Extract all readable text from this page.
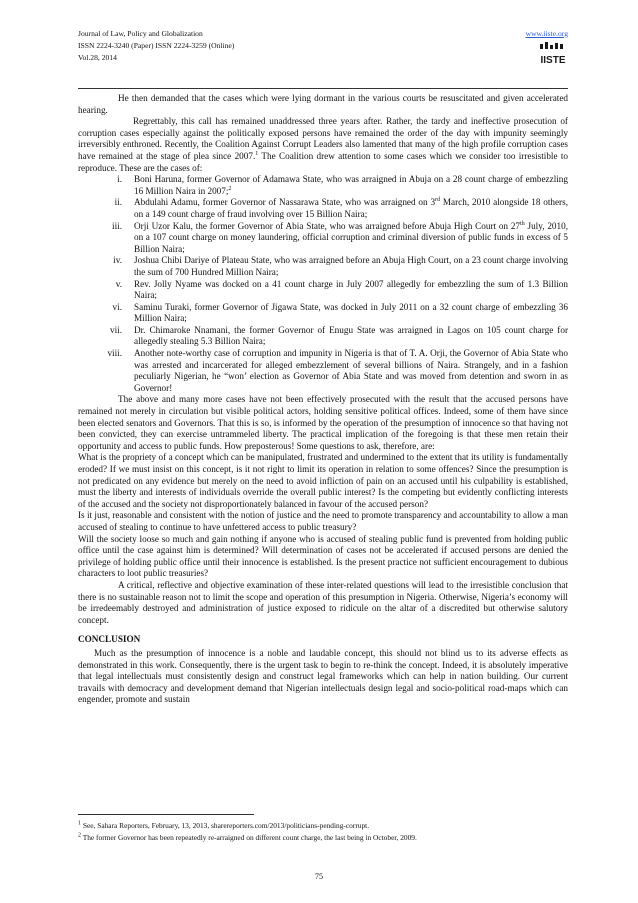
Journal of Law, Policy and Globalization
ISSN 2224-3240 (Paper) ISSN 2224-3259 (Online)
Vol.28, 2014
www.iiste.org
IISTE

He then demanded that the cases which were lying dormant in the various courts be resuscitated and given accelerated hearing.

Regrettably, this call has remained unaddressed three years after. Rather, the tardy and ineffective prosecution of corruption cases especially against the politically exposed persons have remained the order of the day with impunity seemingly irreversibly enthroned. Recently, the Coalition Against Corrupt Leaders also lamented that many of the high profile corruption cases have remained at the stage of plea since 2007.$^1$ The Coalition drew attention to some cases which we consider too irresistible to reproduce. These are the cases of:

i. Boni Haruna, former Governor of Adamawa State, who was arraigned in Abuja on a 28 count charge of embezzling 16 Million Naira in 2007;$^2$
ii. Abdulahi Adamu, former Governor of Nassarawa State, who was arraigned on 3rd March, 2010 alongside 18 others, on a 149 count charge of fraud involving over 15 Billion Naira;
iii. Orji Uzor Kalu, the former Governor of Abia State, who was arraigned before Abuja High Court on 27th July, 2010, on a 107 count charge on money laundering, official corruption and criminal diversion of public funds in excess of 5 Billion Naira;
iv. Joshua Chibi Dariye of Plateau State, who was arraigned before an Abuja High Court, on a 23 count charge involving the sum of 700 Hundred Million Naira;
v. Rev. Jolly Nyame was docked on a 41 count charge in July 2007 allegedly for embezzling the sum of 1.3 Billion Naira;
vi. Saminu Turaki, former Governor of Jigawa State, was docked in July 2011 on a 32 count charge of embezzling 36 Million Naira;
vii. Dr. Chimaroke Nnamani, the former Governor of Enugu State was arraigned in Lagos on 105 count charge for allegedly stealing 5.3 Billion Naira;
viii. Another note-worthy case of corruption and impunity in Nigeria is that of T. A. Orji, the Governor of Abia State who was arrested and incarcerated for alleged embezzlement of several billions of Naira. Strangely, and in a fashion peculiarly Nigerian, he “won’ election as Governor of Abia State and was moved from detention and sworn in as Governor!

The above and many more cases have not been effectively prosecuted with the result that the accused persons have remained not merely in circulation but visible political actors, holding sensitive political offices. Indeed, some of them have since been elected senators and Governors. That this is so, is informed by the operation of the presumption of innocence so that having not been convicted, they can exercise untrammeled liberty. The practical implication of the foregoing is that these men retain their opportunity and access to public funds. How preposterous! Some questions to ask, therefore, are:

What is the propriety of a concept which can be manipulated, frustrated and undermined to the extent that its utility is fundamentally eroded? If we must insist on this concept, is it not right to limit its operation in relation to some offences? Since the presumption is not predicated on any evidence but merely on the need to avoid infliction of pain on an accused until his culpability is established, must the liberty and interests of individuals override the overall public interest? Is the competing but evidently conflicting interests of the accused and the society not disproportionately balanced in favour of the accused person?

Is it just, reasonable and consistent with the notion of justice and the need to promote transparency and accountability to allow a man accused of stealing to continue to have unfettered access to public treasury?

Will the society loose so much and gain nothing if anyone who is accused of stealing public fund is prevented from holding public office until the case against him is determined? Will determination of cases not be accelerated if accused persons are denied the privilege of holding public office until their innocence is established. Is the present practice not sufficient encouragement to dubious characters to loot public treasuries?

A critical, reflective and objective examination of these inter-related questions will lead to the irresistible conclusion that there is no sustainable reason not to limit the scope and operation of this presumption in Nigeria. Otherwise, Nigeria’s economy will be irredeemably destroyed and administration of justice exposed to ridicule on the altar of a discredited but otherwise salutory concept.

CONCLUSION

Much as the presumption of innocence is a noble and laudable concept, this should not blind us to its adverse effects as demonstrated in this work. Consequently, there is the urgent task to begin to re-think the concept. Indeed, it is absolutely imperative that legal intellectuals must consistently design and construct legal frameworks which can help in nation building. Our current travails with democracy and development demand that Nigerian intellectuals design legal and socio-political road-maps which can engender, promote and sustain

$^1$ See, Sahara Reporters, February, 13, 2013, sharereporters.com/2013/politicians-pending-corrupt.
$^2$ The former Governor has been repeatedly re-arraigned on different count charge, the last being in October, 2009.
75
